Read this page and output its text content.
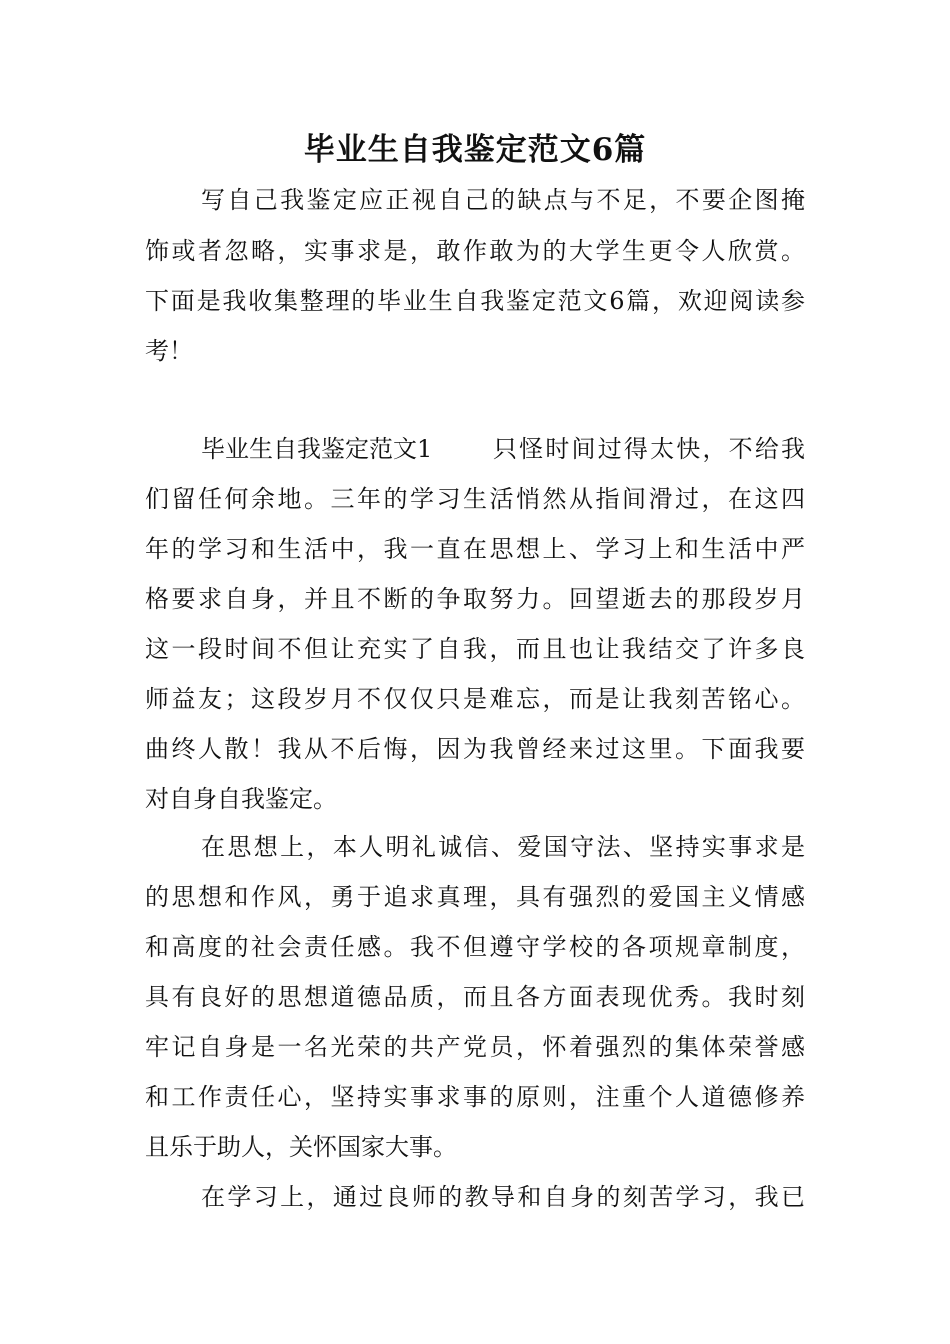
毕业生自我鉴定范文6篇
写自己我鉴定应正视自己的缺点与不足，不要企图掩
饰或者忽略，实事求是，敢作敢为的大学生更令人欣赏。
下面是我收集整理的毕业生自我鉴定范文6篇，欢迎阅读参
考！
毕业生自我鉴定范文1	只怪时间过得太快，不给我
们留任何余地。三年的学习生活悄然从指间滑过，在这四
年的学习和生活中，我一直在思想上、学习上和生活中严
格要求自身，并且不断的争取努力。回望逝去的那段岁月
这一段时间不但让充实了自我，而且也让我结交了许多良
师益友；这段岁月不仅仅只是难忘，而是让我刻苦铭心。
曲终人散！我从不后悔，因为我曾经来过这里。下面我要
对自身自我鉴定。
在思想上，本人明礼诚信、爱国守法、坚持实事求是
的思想和作风，勇于追求真理，具有强烈的爱国主义情感
和高度的社会责任感。我不但遵守学校的各项规章制度，
具有良好的思想道德品质，而且各方面表现优秀。我时刻
牢记自身是一名光荣的共产党员，怀着强烈的集体荣誉感
和工作责任心，坚持实事求事的原则，注重个人道德修养
且乐于助人，关怀国家大事。
在学习上，通过良师的教导和自身的刻苦学习，我已
